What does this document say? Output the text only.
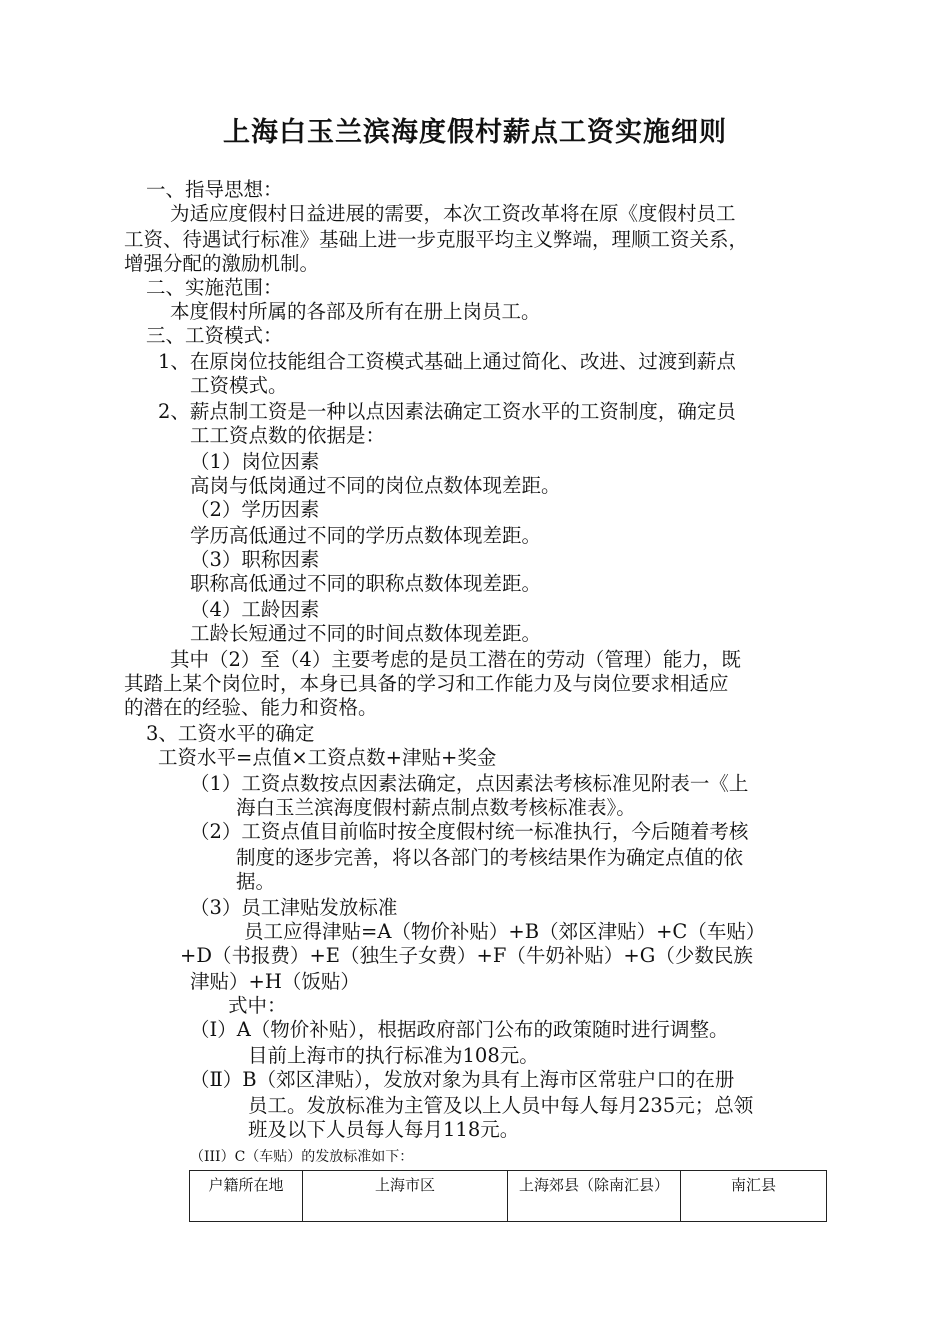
上海白玉兰滨海度假村薪点工资实施细则
一、指导思想：
为适应度假村日益进展的需要，本次工资改革将在原《度假村员工
工资、待遇试行标准》基础上进一步克服平均主义弊端，理顺工资关系，
增强分配的激励机制。
二、实施范围：
本度假村所属的各部及所有在册上岗员工。
三、工资模式：
1、在原岗位技能组合工资模式基础上通过简化、改进、过渡到薪点
工资模式。
2、薪点制工资是一种以点因素法确定工资水平的工资制度，确定员
工工资点数的依据是：
（1）岗位因素
高岗与低岗通过不同的岗位点数体现差距。
（2）学历因素
学历高低通过不同的学历点数体现差距。
（3）职称因素
职称高低通过不同的职称点数体现差距。
（4）工龄因素
工龄长短通过不同的时间点数体现差距。
其中（2）至（4）主要考虑的是员工潜在的劳动（管理）能力，既
其踏上某个岗位时，本身已具备的学习和工作能力及与岗位要求相适应
的潜在的经验、能力和资格。
3、工资水平的确定
工资水平=点值×工资点数+津贴+奖金
（1）工资点数按点因素法确定，点因素法考核标准见附表一《上
海白玉兰滨海度假村薪点制点数考核标准表》。
（2）工资点值目前临时按全度假村统一标准执行，今后随着考核
制度的逐步完善，将以各部门的考核结果作为确定点值的依
据。
（3）员工津贴发放标准
员工应得津贴=A（物价补贴）+B（郊区津贴）+C（车贴）
+D（书报费）+E（独生子女费）+F（牛奶补贴）+G（少数民族
津贴）+H（饭贴）
式中：
（Ⅰ）A（物价补贴），根据政府部门公布的政策随时进行调整。
目前上海市的执行标准为108元。
（Ⅱ）B（郊区津贴），发放对象为具有上海市区常驻户口的在册
员工。发放标准为主管及以上人员中每人每月235元；总领
班及以下人员每人每月118元。
（III）C（车贴）的发放标准如下：
户籍所在地	上海市区	上海郊县（除南汇县）	南汇县
